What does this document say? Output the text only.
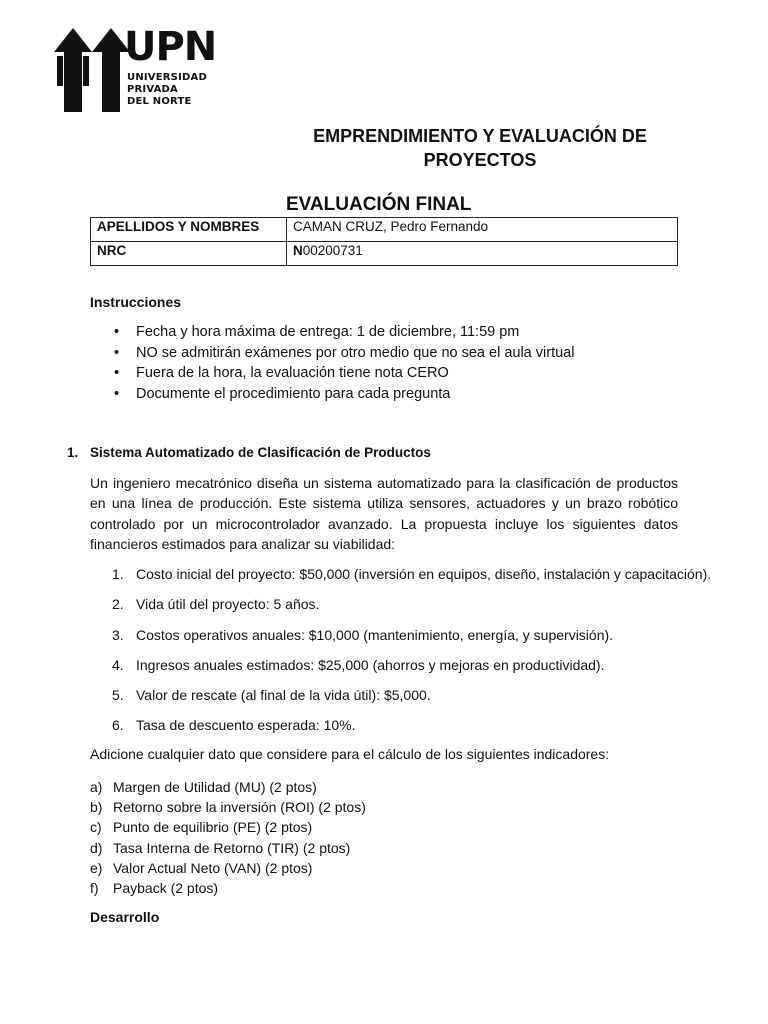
UPN
UNIVERSIDAD
PRIVADA
DEL NORTE
EMPRENDIMIENTO Y EVALUACIÓN DE PROYECTOS
EVALUACIÓN FINAL
APELLIDOS Y NOMBRES	CAMAN CRUZ, Pedro Fernando
NRC	N00200731
Instrucciones
• Fecha y hora máxima de entrega: 1 de diciembre, 11:59 pm
• NO se admitirán exámenes por otro medio que no sea el aula virtual
• Fuera de la hora, la evaluación tiene nota CERO
• Documente el procedimiento para cada pregunta
1. Sistema Automatizado de Clasificación de Productos
Un ingeniero mecatrónico diseña un sistema automatizado para la clasificación de productos en una línea de producción. Este sistema utiliza sensores, actuadores y un brazo robótico controlado por un microcontrolador avanzado. La propuesta incluye los siguientes datos financieros estimados para analizar su viabilidad:
1. Costo inicial del proyecto: $50,000 (inversión en equipos, diseño, instalación y capacitación).
2. Vida útil del proyecto: 5 años.
3. Costos operativos anuales: $10,000 (mantenimiento, energía, y supervisión).
4. Ingresos anuales estimados: $25,000 (ahorros y mejoras en productividad).
5. Valor de rescate (al final de la vida útil): $5,000.
6. Tasa de descuento esperada: 10%.
Adicione cualquier dato que considere para el cálculo de los siguientes indicadores:
a) Margen de Utilidad (MU) (2 ptos)
b) Retorno sobre la inversión (ROI) (2 ptos)
c) Punto de equilibrio (PE) (2 ptos)
d) Tasa Interna de Retorno (TIR) (2 ptos)
e) Valor Actual Neto (VAN) (2 ptos)
f) Payback (2 ptos)
Desarrollo
